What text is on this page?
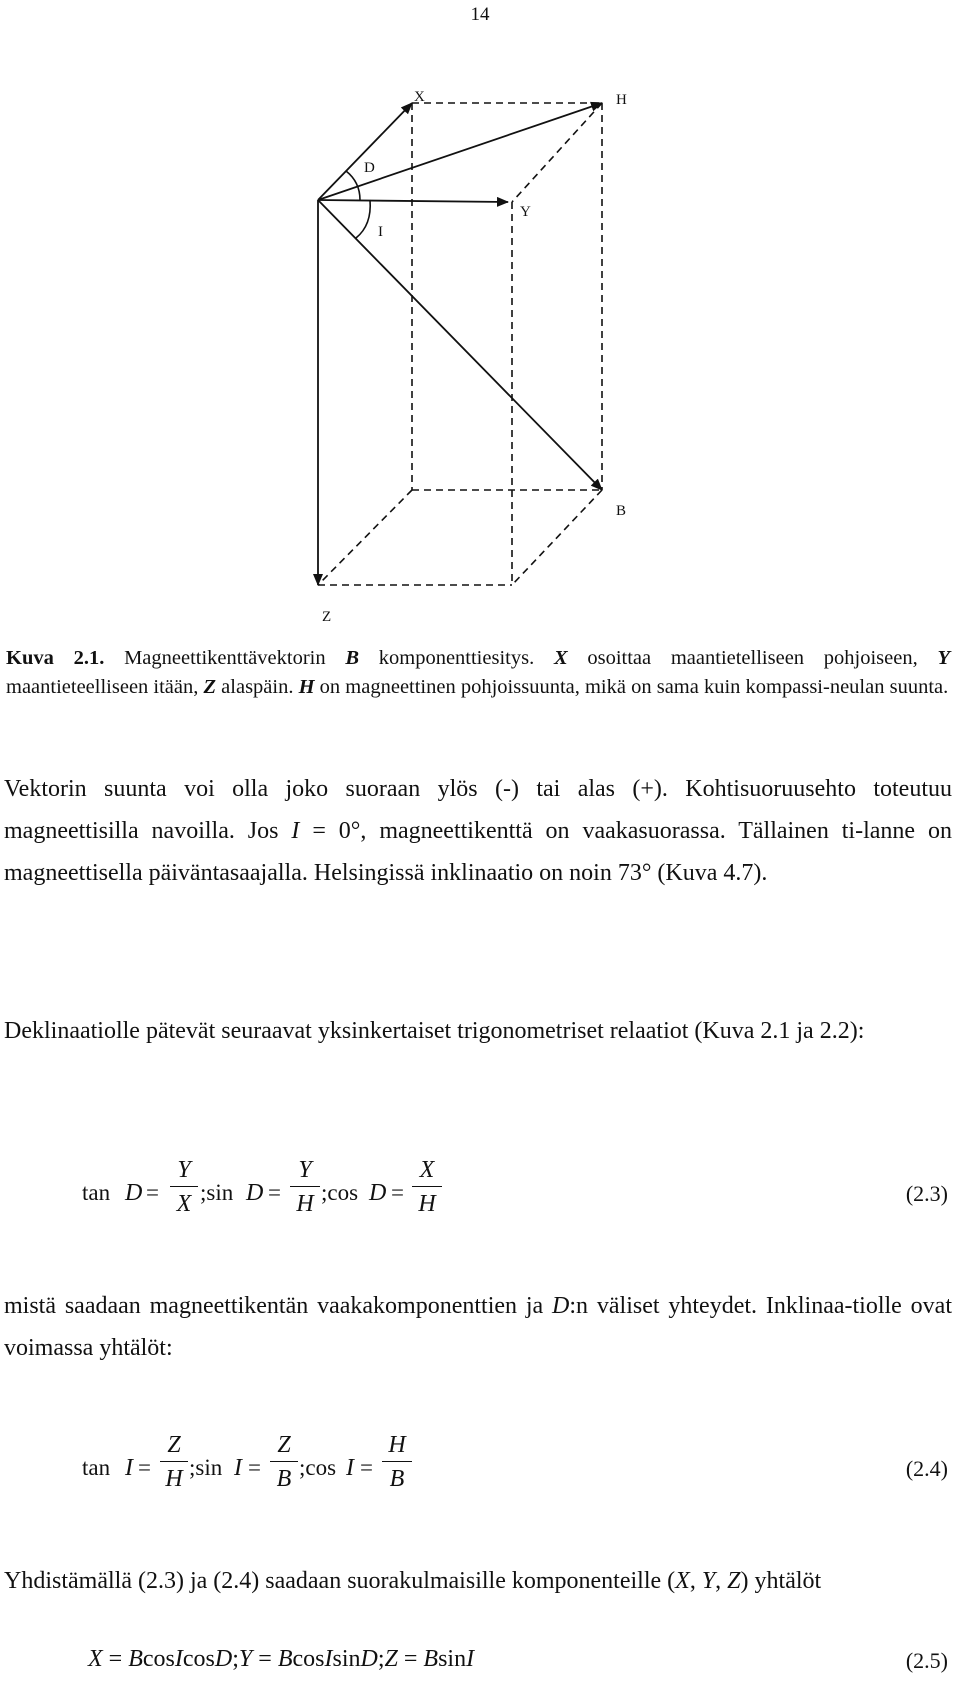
14
X	H
D
Y
I
B
Z
Kuva 2.1. Magneettikenttävektorin B komponenttiesitys. X osoittaa maantietelliseen pohjoiseen, Y maantieteelliseen itään, Z alaspäin. H on magneettinen pohjoissuunta, mikä on sama kuin kompassi-neulan suunta.
Vektorin suunta voi olla joko suoraan ylös (-) tai alas (+). Kohtisuoruusehto toteutuu magneettisilla navoilla. Jos I = 0°, magneettikenttä on vaakasuorassa. Tällainen ti-lanne on magneettisella päiväntasaajalla. Helsingissä inklinaatio on noin 73° (Kuva 4.7).
Deklinaatiolle pätevät seuraavat yksinkertaiset trigonometriset relaatiot (Kuva 2.1 ja 2.2):
tan D =
Y
X ;sin D =
Y
H ;cos D =
X
H	(2.3)
mistä saadaan magneettikentän vaakakomponenttien ja D:n väliset yhteydet. Inklinaa-tiolle ovat voimassa yhtälöt:
tan I =
Z
H ;sin I =
Z
B ;cos I =
H
B	(2.4)
Yhdistämällä (2.3) ja (2.4) saadaan suorakulmaisille komponenteille (X, Y, Z) yhtälöt
X = BcosIcosD;Y = BcosIsinD;Z = BsinI	(2.5)
